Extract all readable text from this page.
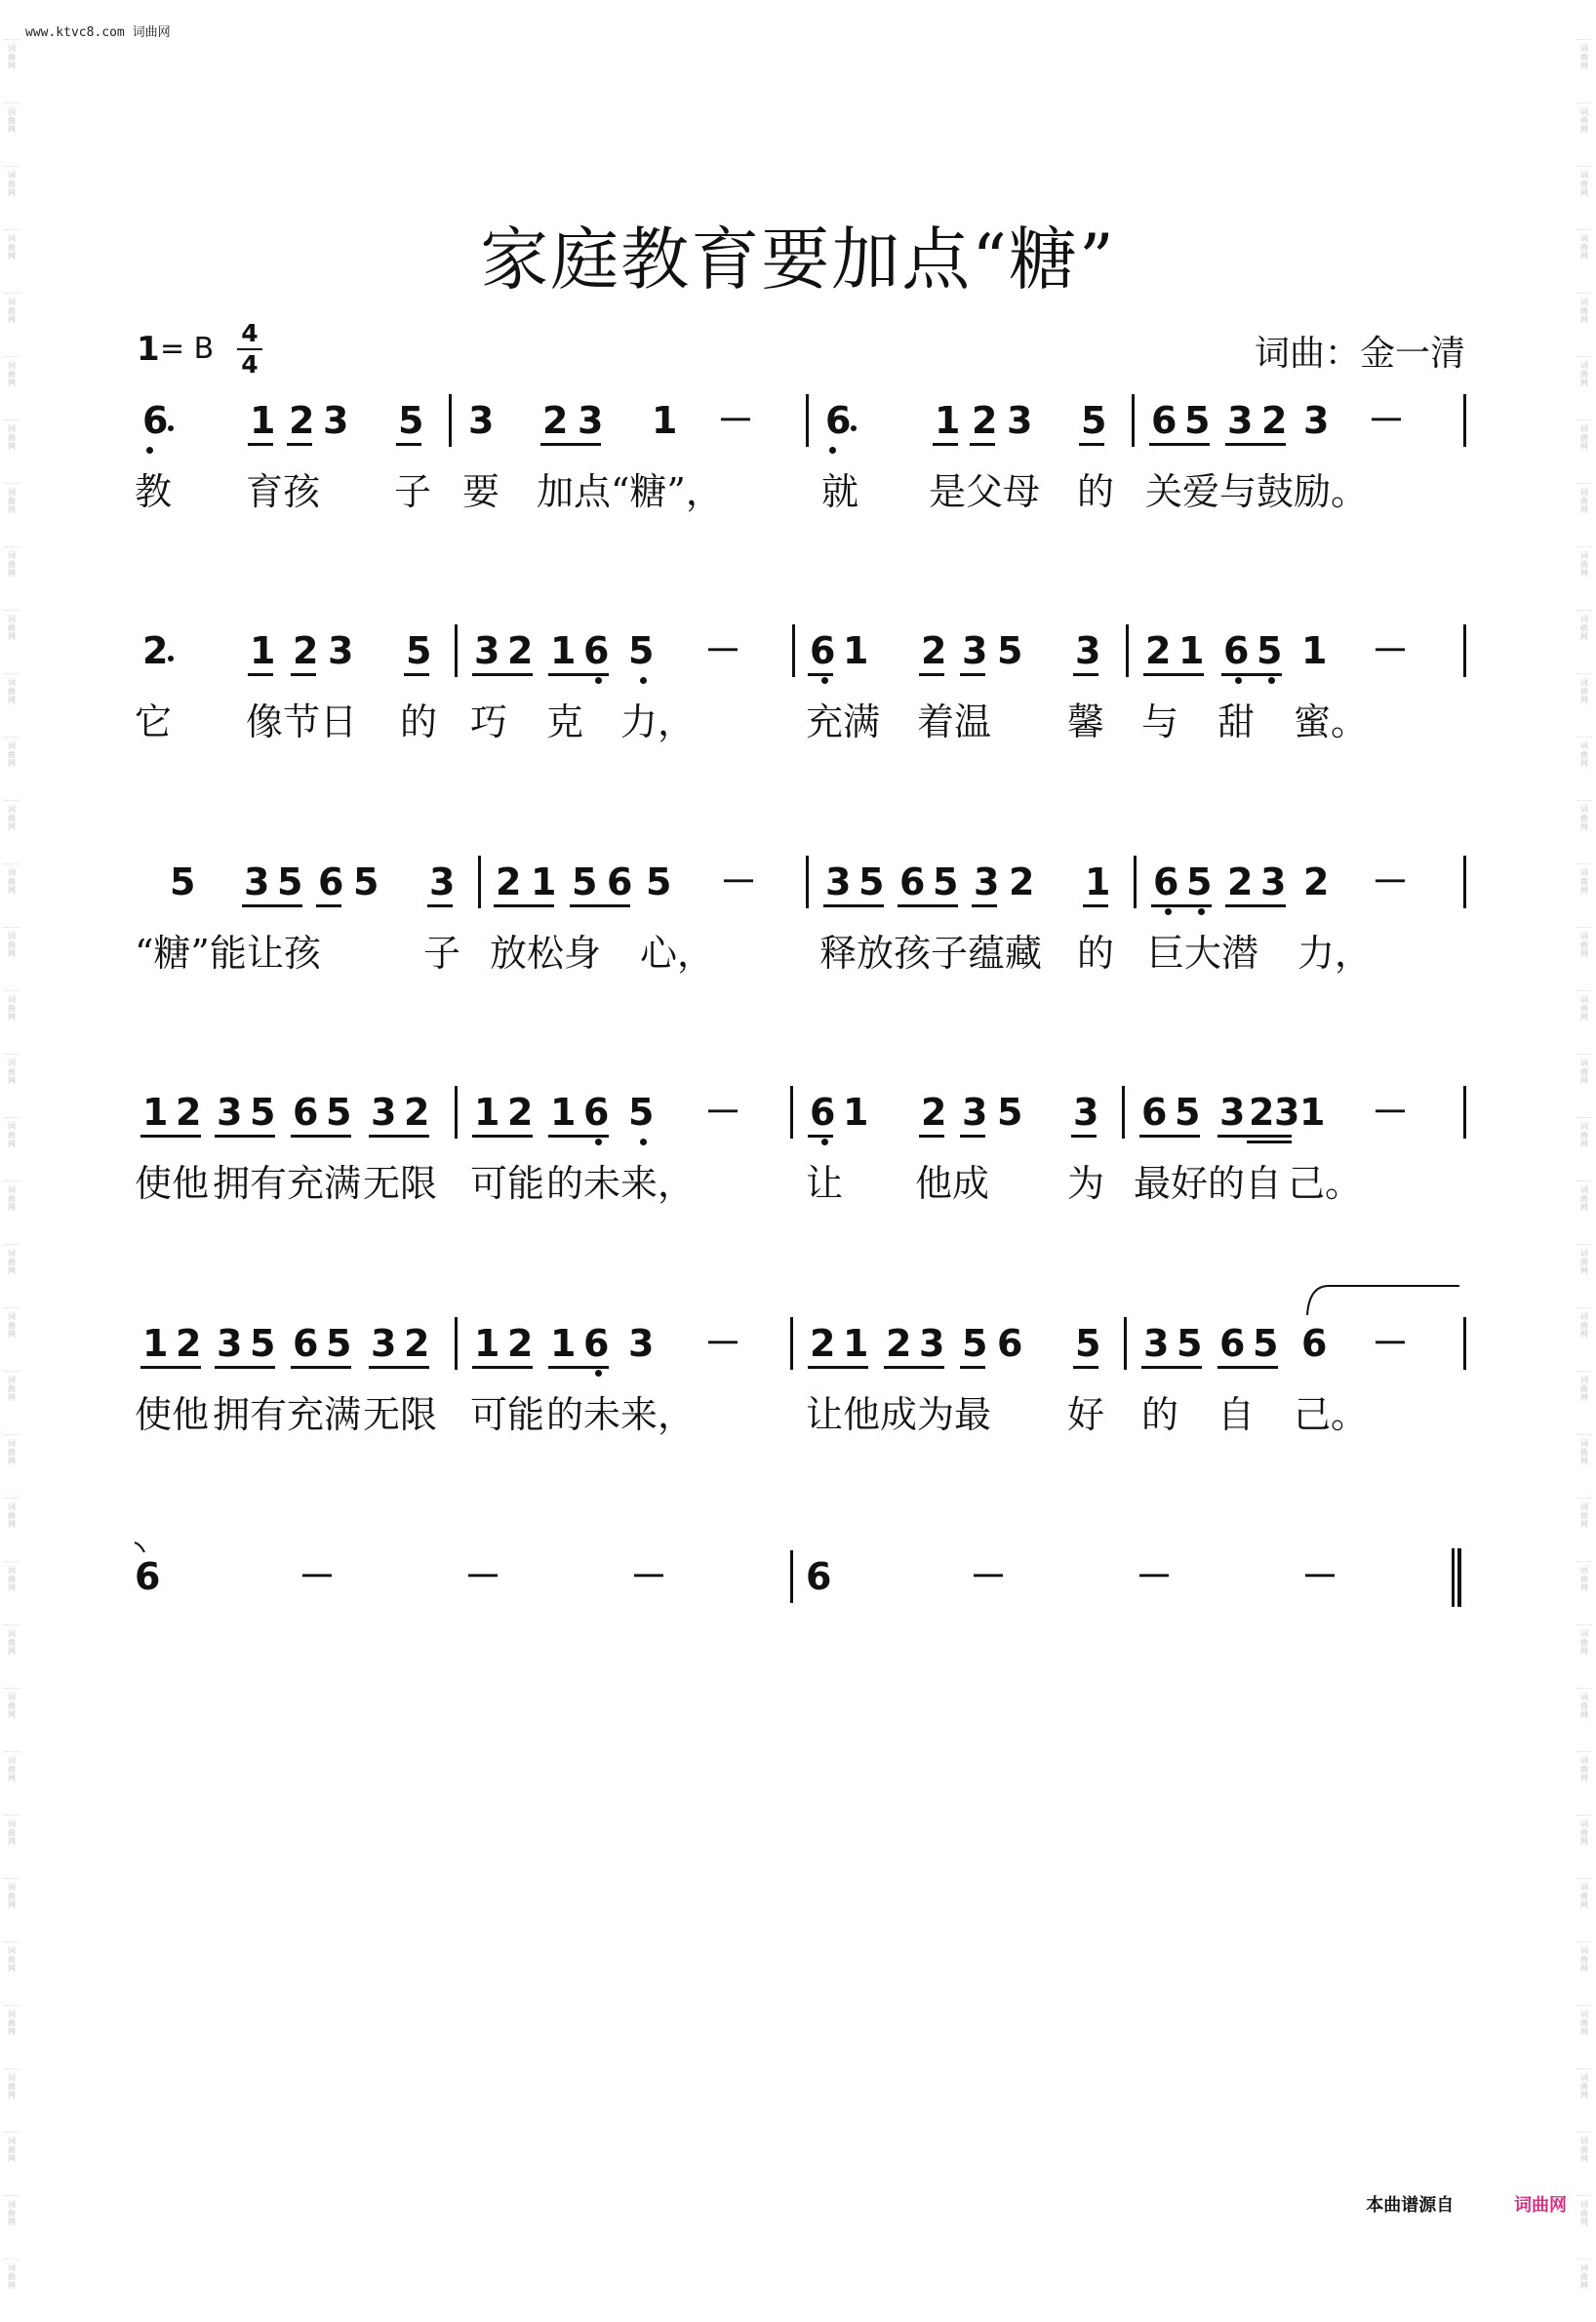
www.ktvc8.com 词曲网
词
曲
网
词
曲
网
词
曲
网
词
曲
网
词
曲
网
词
曲
网
词
曲
网
词
曲
网
词
曲
网
词
曲
网
词
曲
网
词
曲
网
词
曲
网
词
曲
网
词
曲
网
词
曲
网
词
曲
网
词
曲
网
词
曲
网
词
曲
网
词
曲
网
词
曲
网
词
曲
网
词
曲
网
词
曲
网
词
曲
网
词
曲
网
词
曲
网
词
曲
网
词
曲
网
词
曲
网
词
曲
网
词
曲
网
词
曲
网
词
曲
网
词
曲
网
词
曲
网
词
曲
网
词
曲
网
词
曲
网
词
曲
网
词
曲
网
词
曲
网
词
曲
网
词
曲
网
词
曲
网
词
曲
网
词
曲
网
词
曲
网
词
曲
网
词
曲
网
词
曲
网
词
曲
网
词
曲
网
词
曲
网
词
曲
网
词
曲
网
词
曲
网
词
曲
网
词
曲
网
词
曲
网
词
曲
网
词
曲
网
词
曲
网
词
曲
网
词
曲
网
词
曲
网
词
曲
网
词
曲
网
词
曲
网
词
曲
网
词
曲
网
家庭教育要加点“糖”
1 = B 4
4	词曲：金一清
6 1 2 3 5 3 2 3 1 － 6 1 2 3 5 6 5 3 2 3 －
教 育孩 子 要 加点“糖”，	就 是父母 的 关爱与鼓励。
2 1 2 3 5 3 2 1 6 5 － 6 1 2 3 5 3 2 1 6 5 1 －
它 像节日 的 巧 克 力，	充满 着温 馨 与 甜 蜜。
5 3 5 6 5 3 2 1 5 6 5 － 3 5 6 5 3 2 1 6 5 2 3 2 －
“糖”能让孩	子 放松身 心，	释放孩子蕴藏 的 巨大潜 力，
1 2 3 5 6 5 3 2 1 2 1 6 5 － 6 1 2 3 5 3 6 5 3 2 3 1 －
使他 拥有 充满 无限 可能 的未来，	让 他成 为 最好的自 己。
1 2 3 5 6 5 3 2 1 2 1 6 3 － 2 1 2 3 5 6 5 3 5 6 5 6 －
使他 拥有 充满 无限 可能 的未来，	让他成为最 好 的 自 己。
6	－	－	－	6	－	－	－
本曲谱源自	词曲网
